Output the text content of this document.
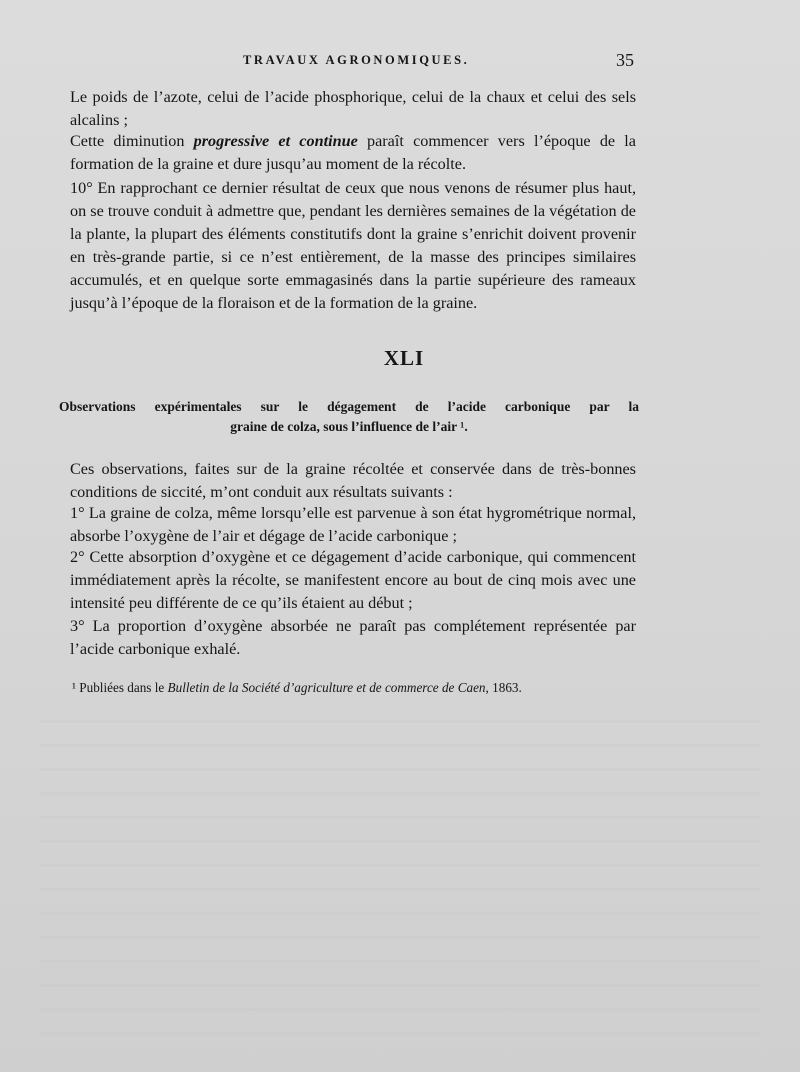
TRAVAUX AGRONOMIQUES.	35

Le poids de l’azote, celui de l’acide phosphorique, celui de la chaux et celui des sels alcalins ;

Cette diminution progressive et continue paraît commencer vers l’époque de la formation de la graine et dure jusqu’au moment de la récolte.

10° En rapprochant ce dernier résultat de ceux que nous venons de résumer plus haut, on se trouve conduit à admettre que, pendant les dernières semaines de la végétation de la plante, la plupart des éléments constitutifs dont la graine s’enrichit doivent provenir en très-grande partie, si ce n’est entièrement, de la masse des principes similaires accumulés, et en quelque sorte emmagasinés dans la partie supérieure des rameaux jusqu’à l’époque de la floraison et de la formation de la graine.

XLI
Observations expérimentales sur le dégagement de l’acide carbonique par la
graine de colza, sous l’influence de l’air ¹.

Ces observations, faites sur de la graine récoltée et conservée dans de très-bonnes conditions de siccité, m’ont conduit aux résultats suivants :

1° La graine de colza, même lorsqu’elle est parvenue à son état hygrométrique normal, absorbe l’oxygène de l’air et dégage de l’acide carbonique ;

2° Cette absorption d’oxygène et ce dégagement d’acide carbonique, qui commencent immédiatement après la récolte, se manifestent encore au bout de cinq mois avec une intensité peu différente de ce qu’ils étaient au début ;

3° La proportion d’oxygène absorbée ne paraît pas complétement représentée par l’acide carbonique exhalé.

¹ Publiées dans le Bulletin de la Société d’agriculture et de commerce de Caen, 1863.
